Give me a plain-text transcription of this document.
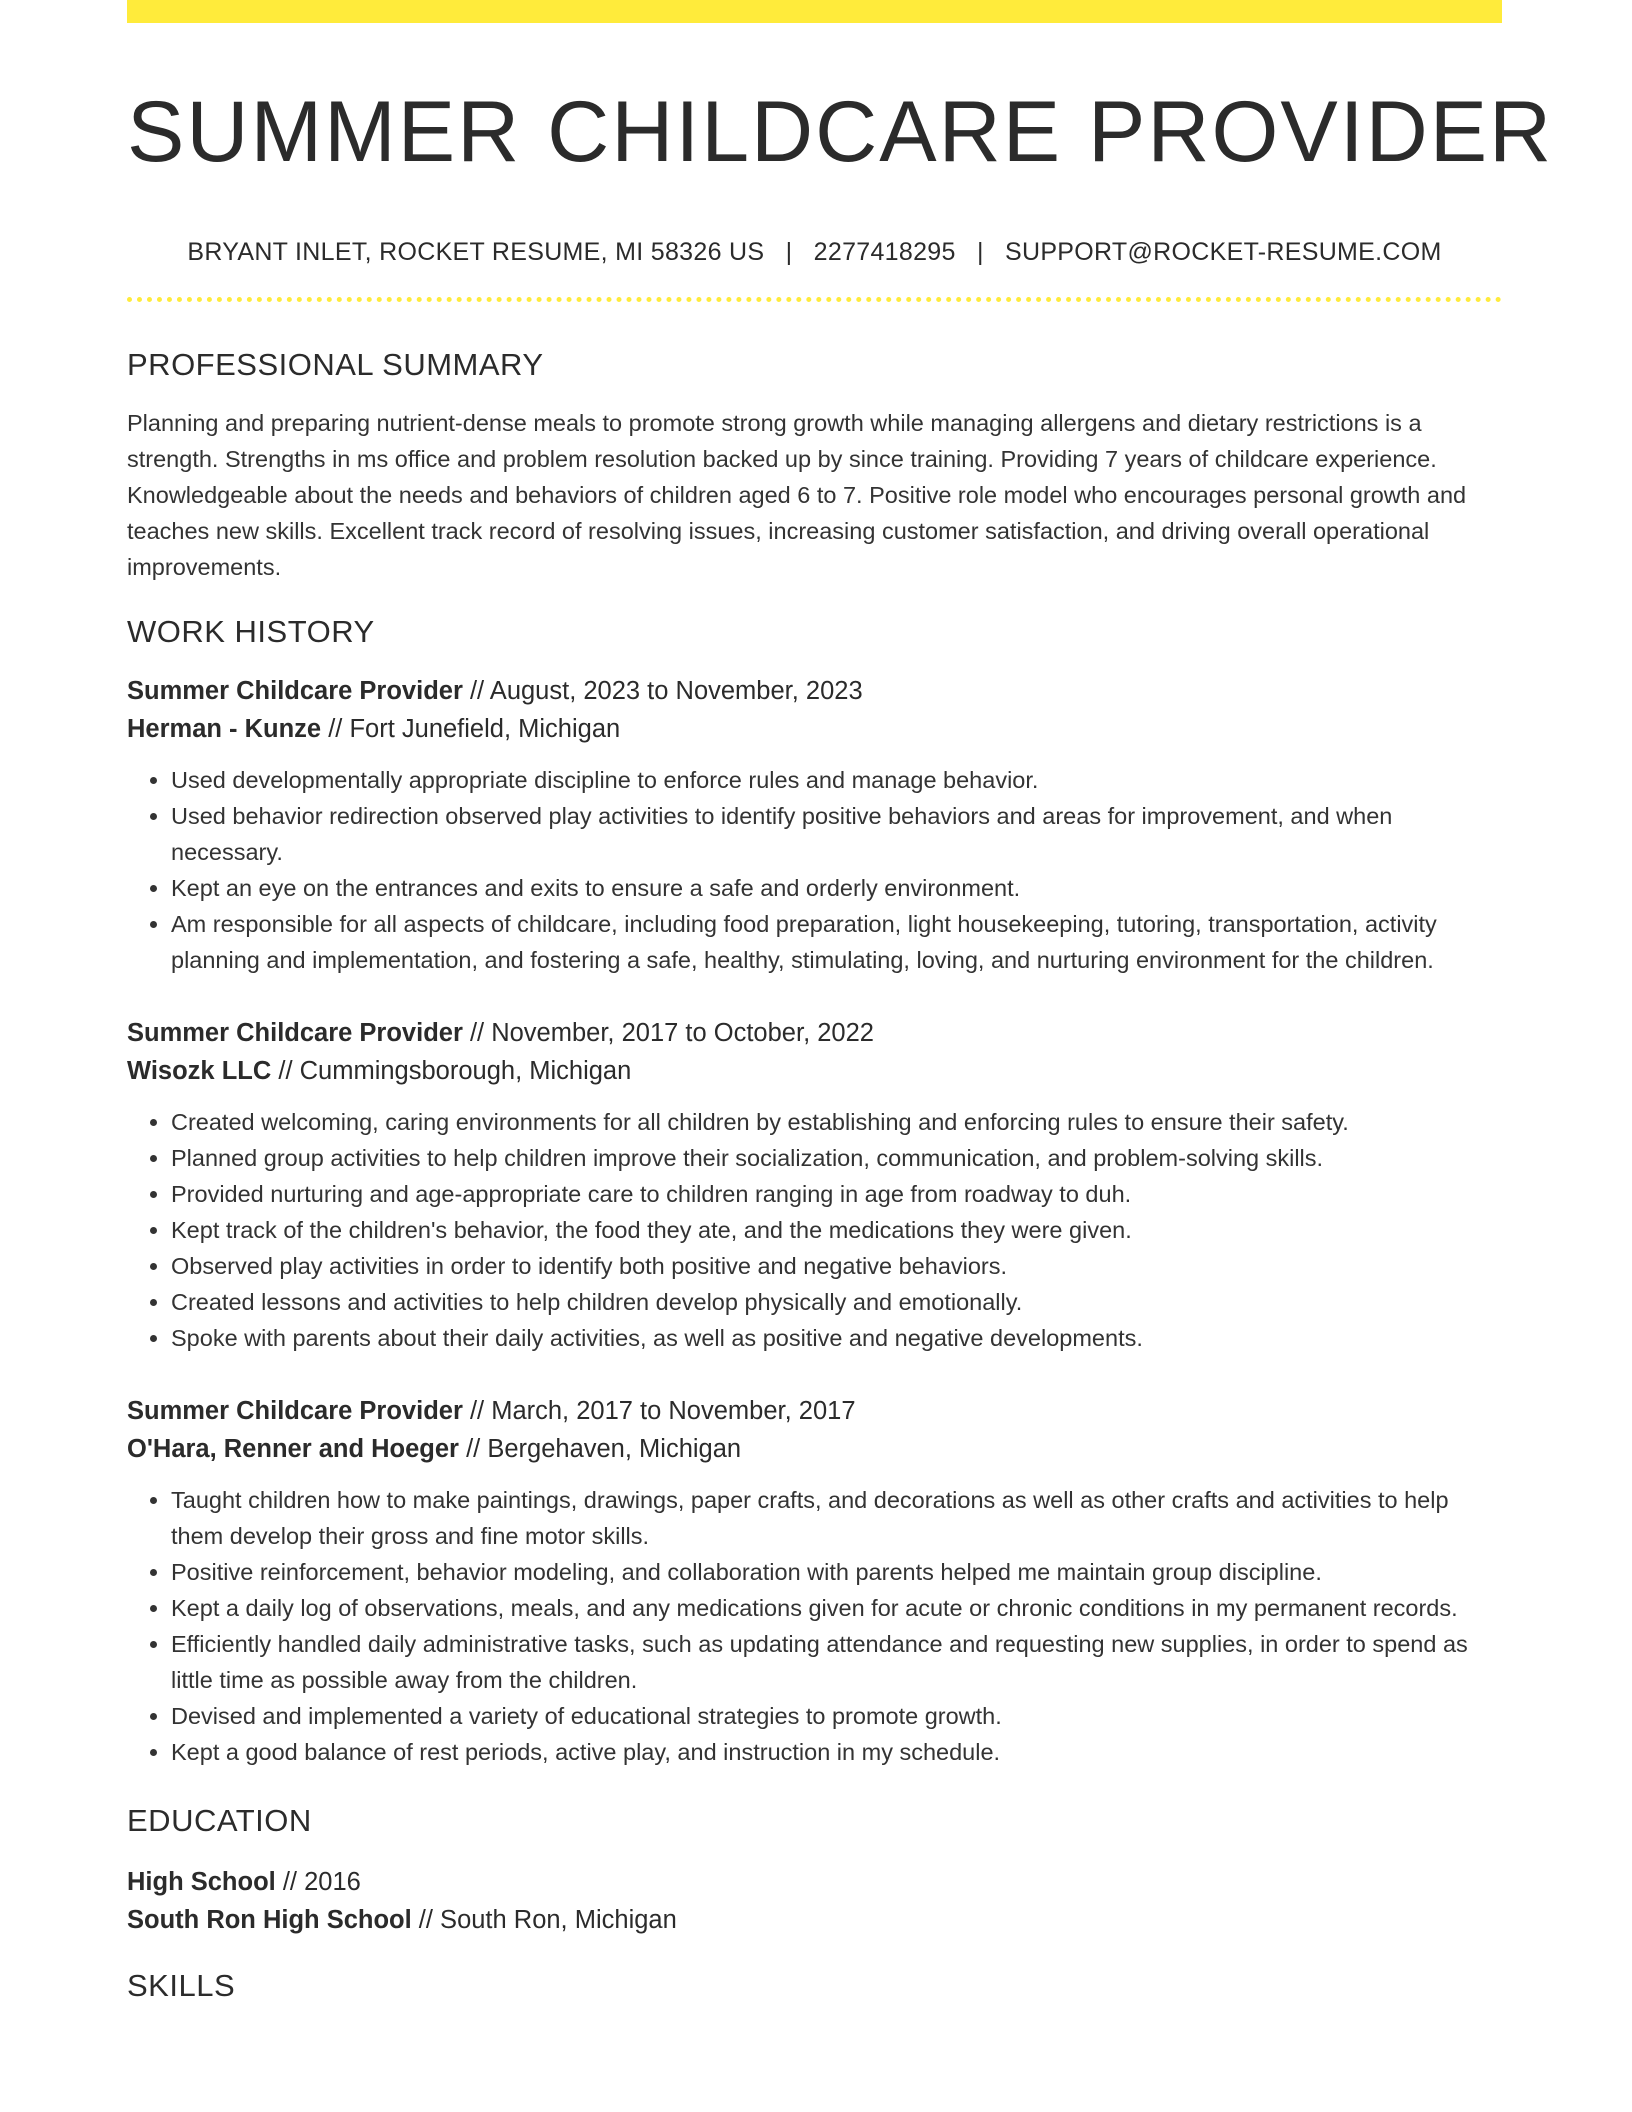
SUMMER CHILDCARE PROVIDER
BRYANT INLET, ROCKET RESUME, MI 58326 US | 2277418295 | SUPPORT@ROCKET-RESUME.COM
PROFESSIONAL SUMMARY

Planning and preparing nutrient-dense meals to promote strong growth while managing allergens and dietary restrictions is a strength. Strengths in ms office and problem resolution backed up by since training. Providing 7 years of childcare experience. Knowledgeable about the needs and behaviors of children aged 6 to 7. Positive role model who encourages personal growth and teaches new skills. Excellent track record of resolving issues, increasing customer satisfaction, and driving overall operational improvements.

WORK HISTORY
Summer Childcare Provider // August, 2023 to November, 2023
Herman - Kunze // Fort Junefield, Michigan
• Used developmentally appropriate discipline to enforce rules and manage behavior.
• Used behavior redirection observed play activities to identify positive behaviors and areas for improvement, and when necessary.
• Kept an eye on the entrances and exits to ensure a safe and orderly environment.
• Am responsible for all aspects of childcare, including food preparation, light housekeeping, tutoring, transportation, activity planning and implementation, and fostering a safe, healthy, stimulating, loving, and nurturing environment for the children.
Summer Childcare Provider // November, 2017 to October, 2022
Wisozk LLC // Cummingsborough, Michigan
• Created welcoming, caring environments for all children by establishing and enforcing rules to ensure their safety.
• Planned group activities to help children improve their socialization, communication, and problem-solving skills.
• Provided nurturing and age-appropriate care to children ranging in age from roadway to duh.
• Kept track of the children's behavior, the food they ate, and the medications they were given.
• Observed play activities in order to identify both positive and negative behaviors.
• Created lessons and activities to help children develop physically and emotionally.
• Spoke with parents about their daily activities, as well as positive and negative developments.
Summer Childcare Provider // March, 2017 to November, 2017
O'Hara, Renner and Hoeger // Bergehaven, Michigan
• Taught children how to make paintings, drawings, paper crafts, and decorations as well as other crafts and activities to help them develop their gross and fine motor skills.
• Positive reinforcement, behavior modeling, and collaboration with parents helped me maintain group discipline.
• Kept a daily log of observations, meals, and any medications given for acute or chronic conditions in my permanent records.
• Efficiently handled daily administrative tasks, such as updating attendance and requesting new supplies, in order to spend as little time as possible away from the children.
• Devised and implemented a variety of educational strategies to promote growth.
• Kept a good balance of rest periods, active play, and instruction in my schedule.
EDUCATION
High School // 2016
South Ron High School // South Ron, Michigan
SKILLS
